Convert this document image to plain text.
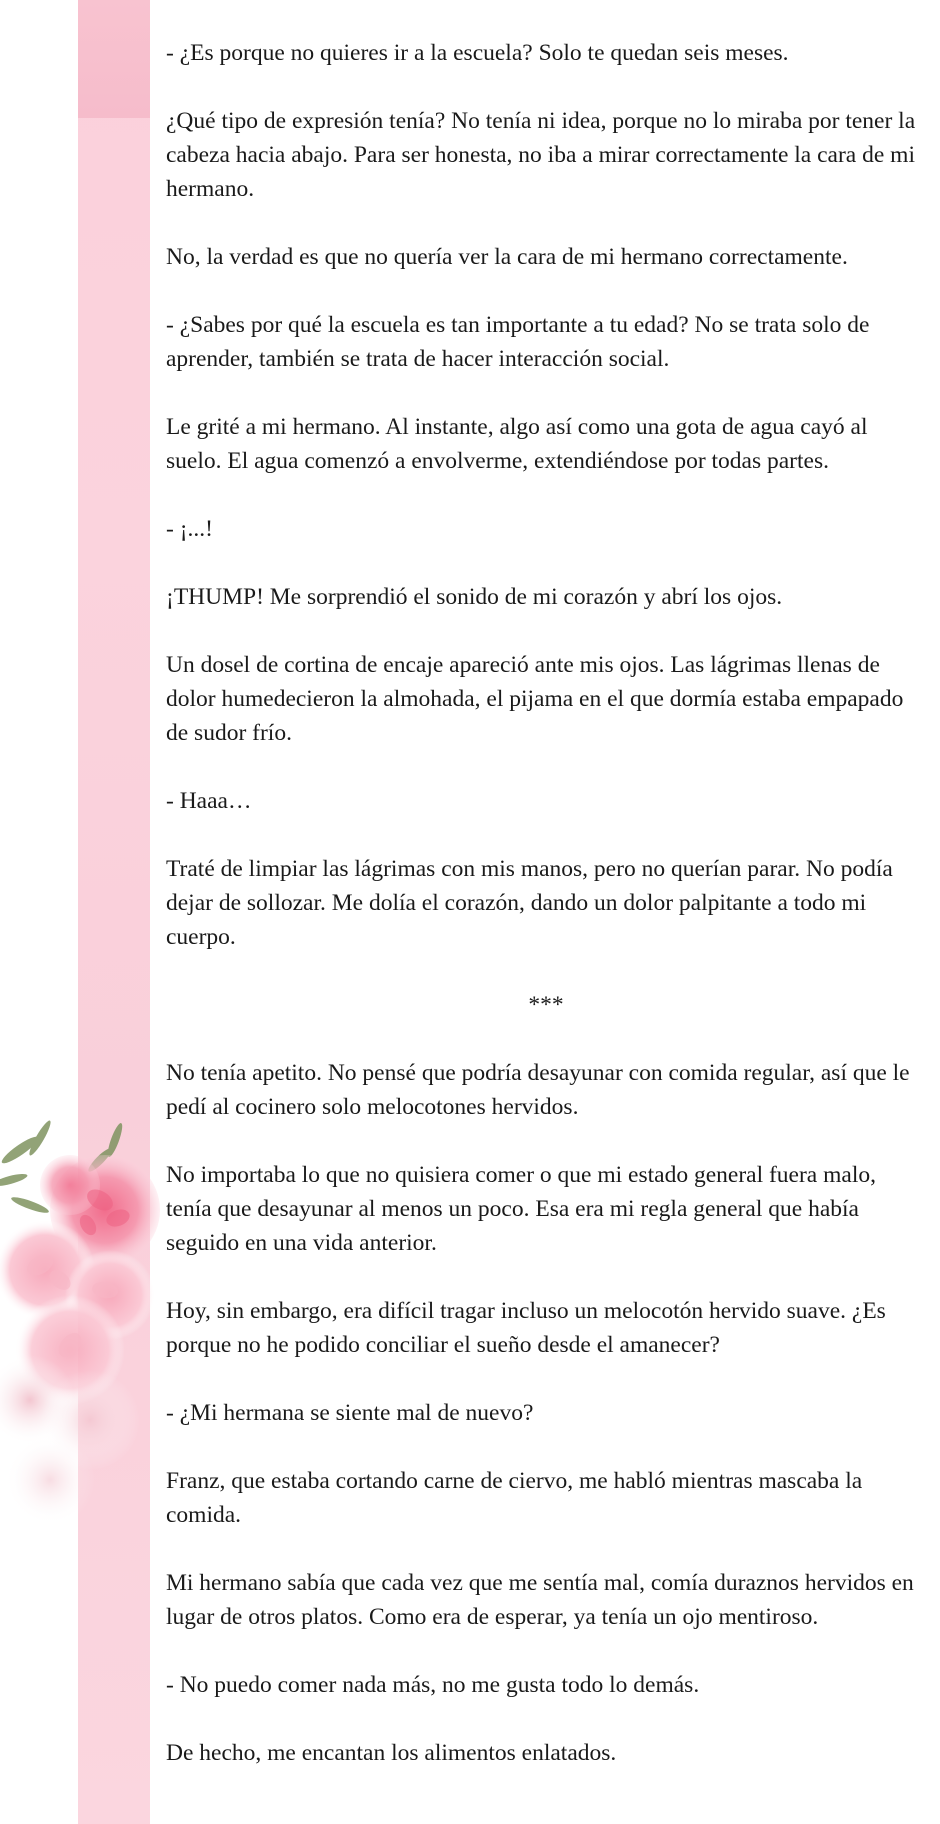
- ¿Es porque no quieres ir a la escuela? Solo te quedan seis meses.

¿Qué tipo de expresión tenía? No tenía ni idea, porque no lo miraba por tener la cabeza hacia abajo. Para ser honesta, no iba a mirar correctamente la cara de mi hermano.

No, la verdad es que no quería ver la cara de mi hermano correctamente.

- ¿Sabes por qué la escuela es tan importante a tu edad? No se trata solo de aprender, también se trata de hacer interacción social.

Le grité a mi hermano. Al instante, algo así como una gota de agua cayó al suelo. El agua comenzó a envolverme, extendiéndose por todas partes.

- ¡...!

¡THUMP! Me sorprendió el sonido de mi corazón y abrí los ojos.

Un dosel de cortina de encaje apareció ante mis ojos. Las lágrimas llenas de dolor humedecieron la almohada, el pijama en el que dormía estaba empapado de sudor frío.

- Haaa…

Traté de limpiar las lágrimas con mis manos, pero no querían parar. No podía dejar de sollozar. Me dolía el corazón, dando un dolor palpitante a todo mi cuerpo.

***

No tenía apetito. No pensé que podría desayunar con comida regular, así que le pedí al cocinero solo melocotones hervidos.

No importaba lo que no quisiera comer o que mi estado general fuera malo, tenía que desayunar al menos un poco. Esa era mi regla general que había seguido en una vida anterior.

Hoy, sin embargo, era difícil tragar incluso un melocotón hervido suave. ¿Es porque no he podido conciliar el sueño desde el amanecer?

- ¿Mi hermana se siente mal de nuevo?

Franz, que estaba cortando carne de ciervo, me habló mientras mascaba la comida.

Mi hermano sabía que cada vez que me sentía mal, comía duraznos hervidos en lugar de otros platos. Como era de esperar, ya tenía un ojo mentiroso.

- No puedo comer nada más, no me gusta todo lo demás.

De hecho, me encantan los alimentos enlatados.
